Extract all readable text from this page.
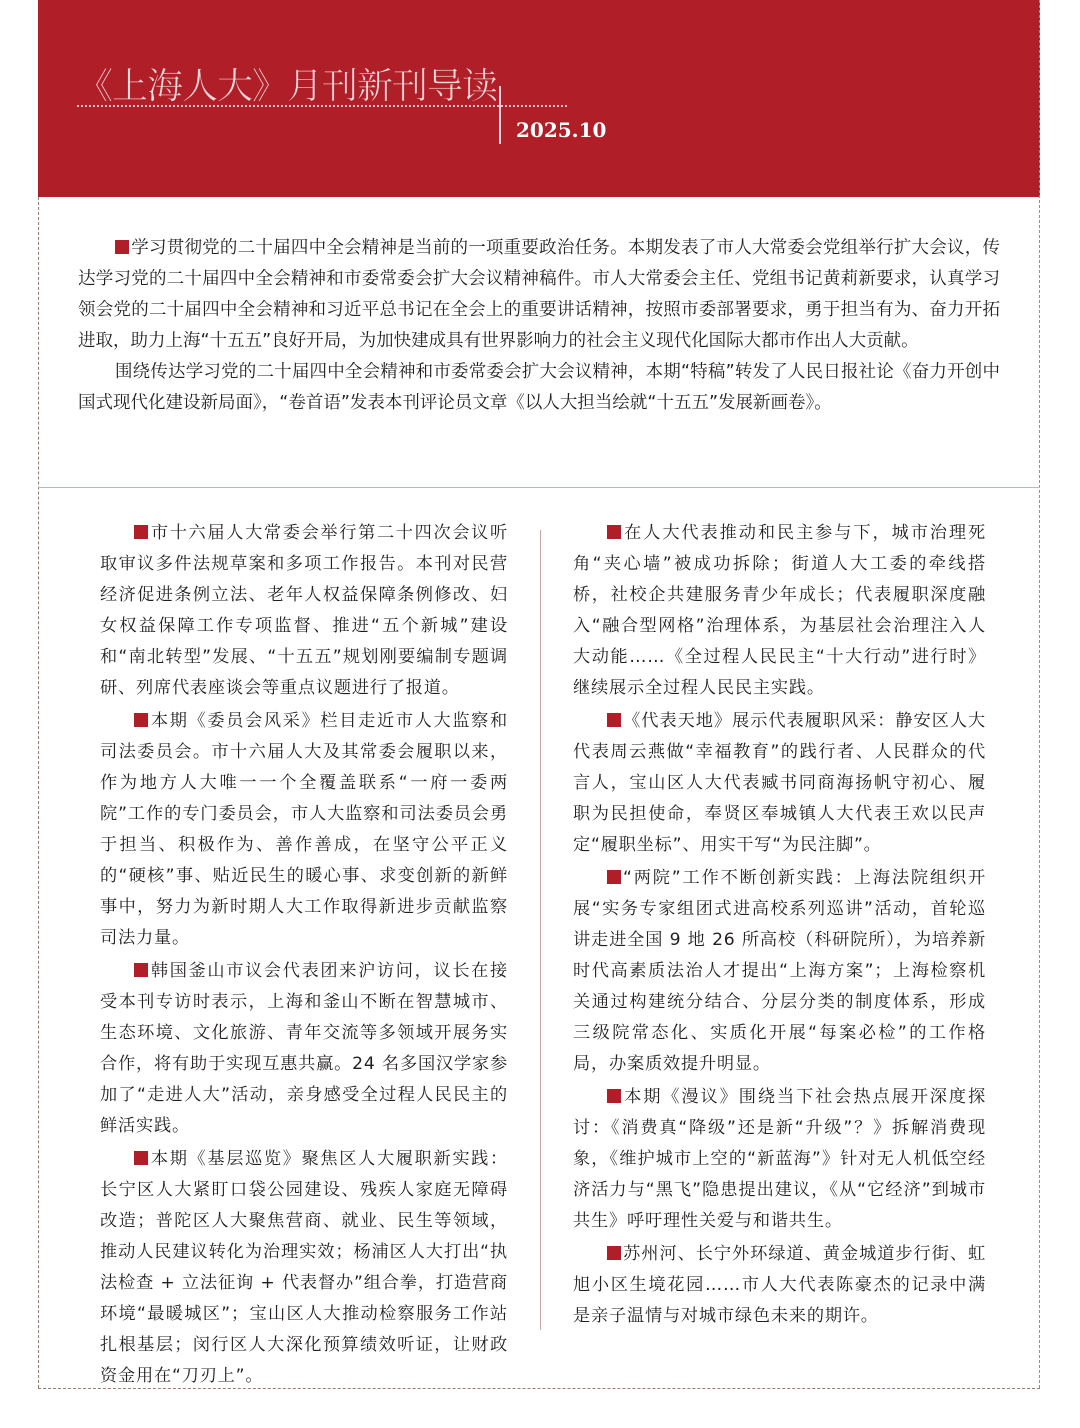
《上海人大》月刊新刊导读
2025.10

学习贯彻党的二十届四中全会精神是当前的一项重要政治任务。本期发表了市人大常委会党组举行扩大会议，传达学习党的二十届四中全会精神和市委常委会扩大会议精神稿件。市人大常委会主任、党组书记黄莉新要求，认真学习领会党的二十届四中全会精神和习近平总书记在全会上的重要讲话精神，按照市委部署要求，勇于担当有为、奋力开拓进取，助力上海“十五五”良好开局，为加快建成具有世界影响力的社会主义现代化国际大都市作出人大贡献。

围绕传达学习党的二十届四中全会精神和市委常委会扩大会议精神，本期“特稿”转发了人民日报社论《奋力开创中国式现代化建设新局面》，“卷首语”发表本刊评论员文章《以人大担当绘就“十五五”发展新画卷》。

市十六届人大常委会举行第二十四次会议听取审议多件法规草案和多项工作报告。本刊对民营经济促进条例立法、老年人权益保障条例修改、妇女权益保障工作专项监督、推进“五个新城”建设和“南北转型”发展、“十五五”规划刚要编制专题调研、列席代表座谈会等重点议题进行了报道。

本期《委员会风采》栏目走近市人大监察和司法委员会。市十六届人大及其常委会履职以来，作为地方人大唯一一个全覆盖联系“一府一委两院”工作的专门委员会，市人大监察和司法委员会勇于担当、积极作为、善作善成，在坚守公平正义的“硬核”事、贴近民生的暖心事、求变创新的新鲜事中，努力为新时期人大工作取得新进步贡献监察司法力量。

韩国釜山市议会代表团来沪访问，议长在接受本刊专访时表示，上海和釜山不断在智慧城市、生态环境、文化旅游、青年交流等多领域开展务实合作，将有助于实现互惠共赢。24 名多国汉学家参加了“走进人大”活动，亲身感受全过程人民民主的鲜活实践。

本期《基层巡览》聚焦区人大履职新实践：长宁区人大紧盯口袋公园建设、残疾人家庭无障碍改造；普陀区人大聚焦营商、就业、民生等领域，推动人民建议转化为治理实效；杨浦区人大打出“执法检查 + 立法征询 + 代表督办”组合拳，打造营商环境“最暖城区”；宝山区人大推动检察服务工作站扎根基层；闵行区人大深化预算绩效听证，让财政资金用在“刀刃上”。

在人大代表推动和民主参与下，城市治理死角“夹心墙”被成功拆除；街道人大工委的牵线搭桥，社校企共建服务青少年成长；代表履职深度融入“融合型网格”治理体系，为基层社会治理注入人大动能……《全过程人民民主“十大行动”进行时》继续展示全过程人民民主实践。

《代表天地》展示代表履职风采：静安区人大代表周云燕做“幸福教育”的践行者、人民群众的代言人，宝山区人大代表臧书同商海扬帆守初心、履职为民担使命，奉贤区奉城镇人大代表王欢以民声定“履职坐标”、用实干写“为民注脚”。

“两院”工作不断创新实践：上海法院组织开展“实务专家组团式进高校系列巡讲”活动，首轮巡讲走进全国 9 地 26 所高校（科研院所），为培养新时代高素质法治人才提出“上海方案”；上海检察机关通过构建统分结合、分层分类的制度体系，形成三级院常态化、实质化开展“每案必检”的工作格局，办案质效提升明显。

本期《漫议》围绕当下社会热点展开深度探讨：《消费真“降级”还是新“升级”？》拆解消费现象，《维护城市上空的“新蓝海”》针对无人机低空经济活力与“黑飞”隐患提出建议，《从“它经济”到城市共生》呼吁理性关爱与和谐共生。

苏州河、长宁外环绿道、黄金城道步行街、虹旭小区生境花园……市人大代表陈豪杰的记录中满是亲子温情与对城市绿色未来的期许。
